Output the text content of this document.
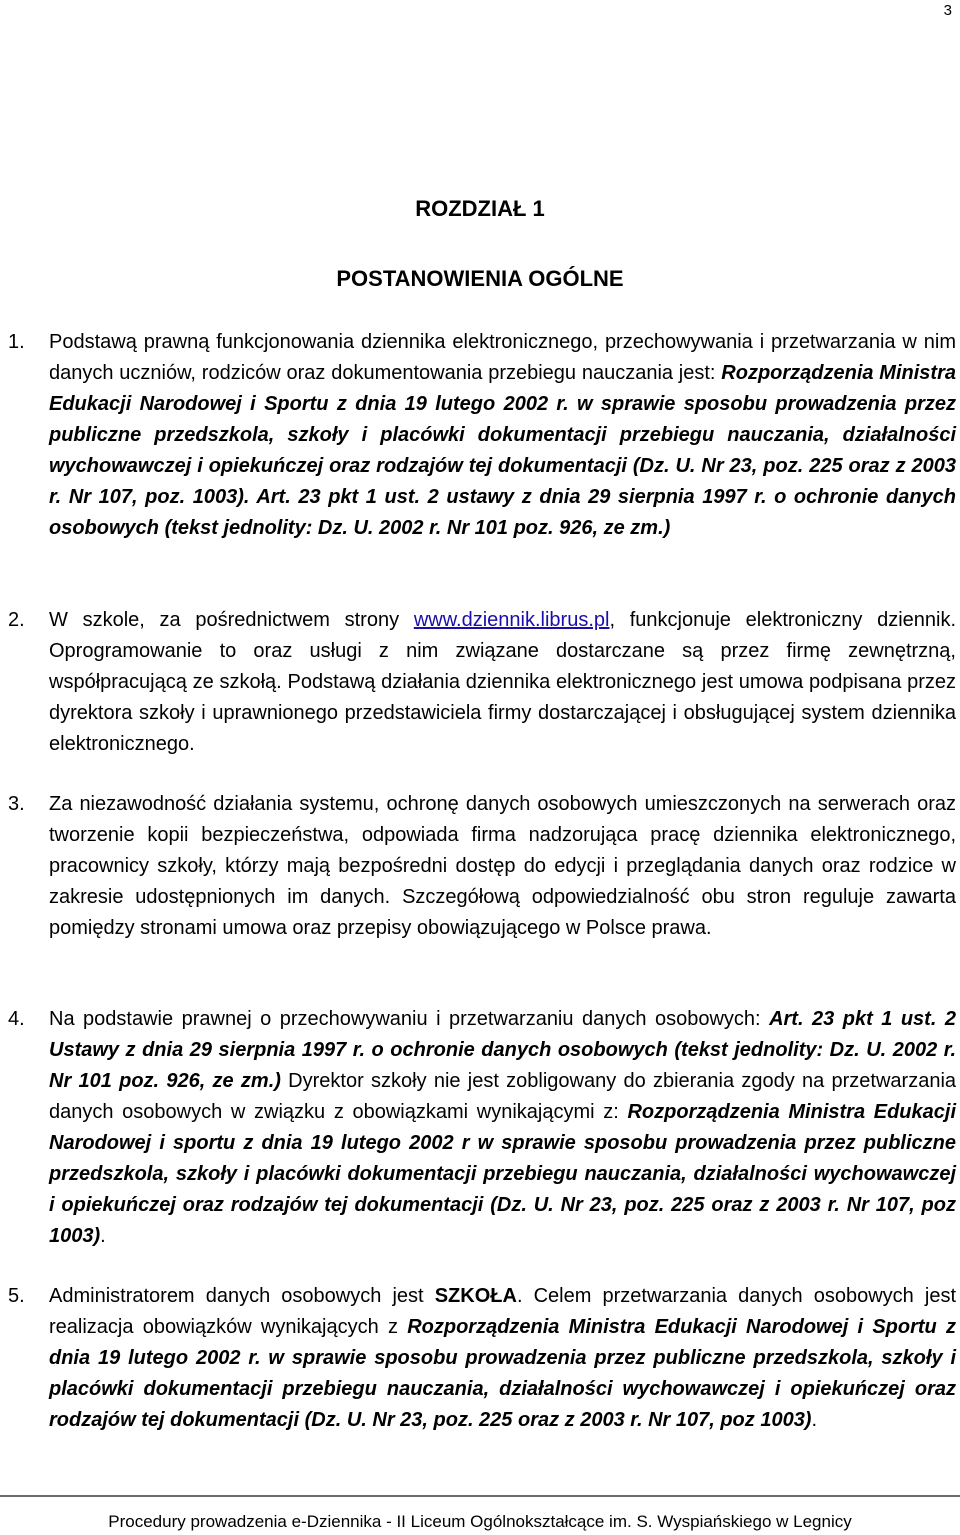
3
ROZDZIAŁ 1
POSTANOWIENIA OGÓLNE
1. Podstawą prawną funkcjonowania dziennika elektronicznego, przechowywania i przetwarzania w nim danych uczniów, rodziców oraz dokumentowania przebiegu nauczania jest: Rozporządzenia Ministra Edukacji Narodowej i Sportu z dnia 19 lutego 2002 r. w sprawie sposobu prowadzenia przez publiczne przedszkola, szkoły i placówki dokumentacji przebiegu nauczania, działalności wychowawczej i opiekuńczej oraz rodzajów tej dokumentacji (Dz. U. Nr 23, poz. 225 oraz z 2003 r. Nr 107, poz. 1003). Art. 23 pkt 1 ust. 2 ustawy z dnia 29 sierpnia 1997 r. o ochronie danych osobowych (tekst jednolity: Dz. U. 2002 r. Nr 101 poz. 926, ze zm.)
2. W szkole, za pośrednictwem strony www.dziennik.librus.pl, funkcjonuje elektroniczny dziennik. Oprogramowanie to oraz usługi z nim związane dostarczane są przez firmę zewnętrzną, współpracującą ze szkołą. Podstawą działania dziennika elektronicznego jest umowa podpisana przez dyrektora szkoły i uprawnionego przedstawiciela firmy dostarczającej i obsługującej system dziennika elektronicznego.
3. Za niezawodność działania systemu, ochronę danych osobowych umieszczonych na serwerach oraz tworzenie kopii bezpieczeństwa, odpowiada firma nadzorująca pracę dziennika elektronicznego, pracownicy szkoły, którzy mają bezpośredni dostęp do edycji i przeglądania danych oraz rodzice w zakresie udostępnionych im danych. Szczegółową odpowiedzialność obu stron reguluje zawarta pomiędzy stronami umowa oraz przepisy obowiązującego w Polsce prawa.
4. Na podstawie prawnej o przechowywaniu i przetwarzaniu danych osobowych: Art. 23 pkt 1 ust. 2 Ustawy z dnia 29 sierpnia 1997 r. o ochronie danych osobowych (tekst jednolity: Dz. U. 2002 r. Nr 101 poz. 926, ze zm.) Dyrektor szkoły nie jest zobligowany do zbierania zgody na przetwarzania danych osobowych w związku z obowiązkami wynikającymi z: Rozporządzenia Ministra Edukacji Narodowej i sportu z dnia 19 lutego 2002 r w sprawie sposobu prowadzenia przez publiczne przedszkola, szkoły i placówki dokumentacji przebiegu nauczania, działalności wychowawczej i opiekuńczej oraz rodzajów tej dokumentacji (Dz. U. Nr 23, poz. 225 oraz z 2003 r. Nr 107, poz 1003).
5. Administratorem danych osobowych jest SZKOŁA. Celem przetwarzania danych osobowych jest realizacja obowiązków wynikających z Rozporządzenia Ministra Edukacji Narodowej i Sportu z dnia 19 lutego 2002 r. w sprawie sposobu prowadzenia przez publiczne przedszkola, szkoły i placówki dokumentacji przebiegu nauczania, działalności wychowawczej i opiekuńczej oraz rodzajów tej dokumentacji (Dz. U. Nr 23, poz. 225 oraz z 2003 r. Nr 107, poz 1003).
Procedury prowadzenia e-Dziennika - II Liceum Ogólnokształcące im. S. Wyspiańskiego w Legnicy
